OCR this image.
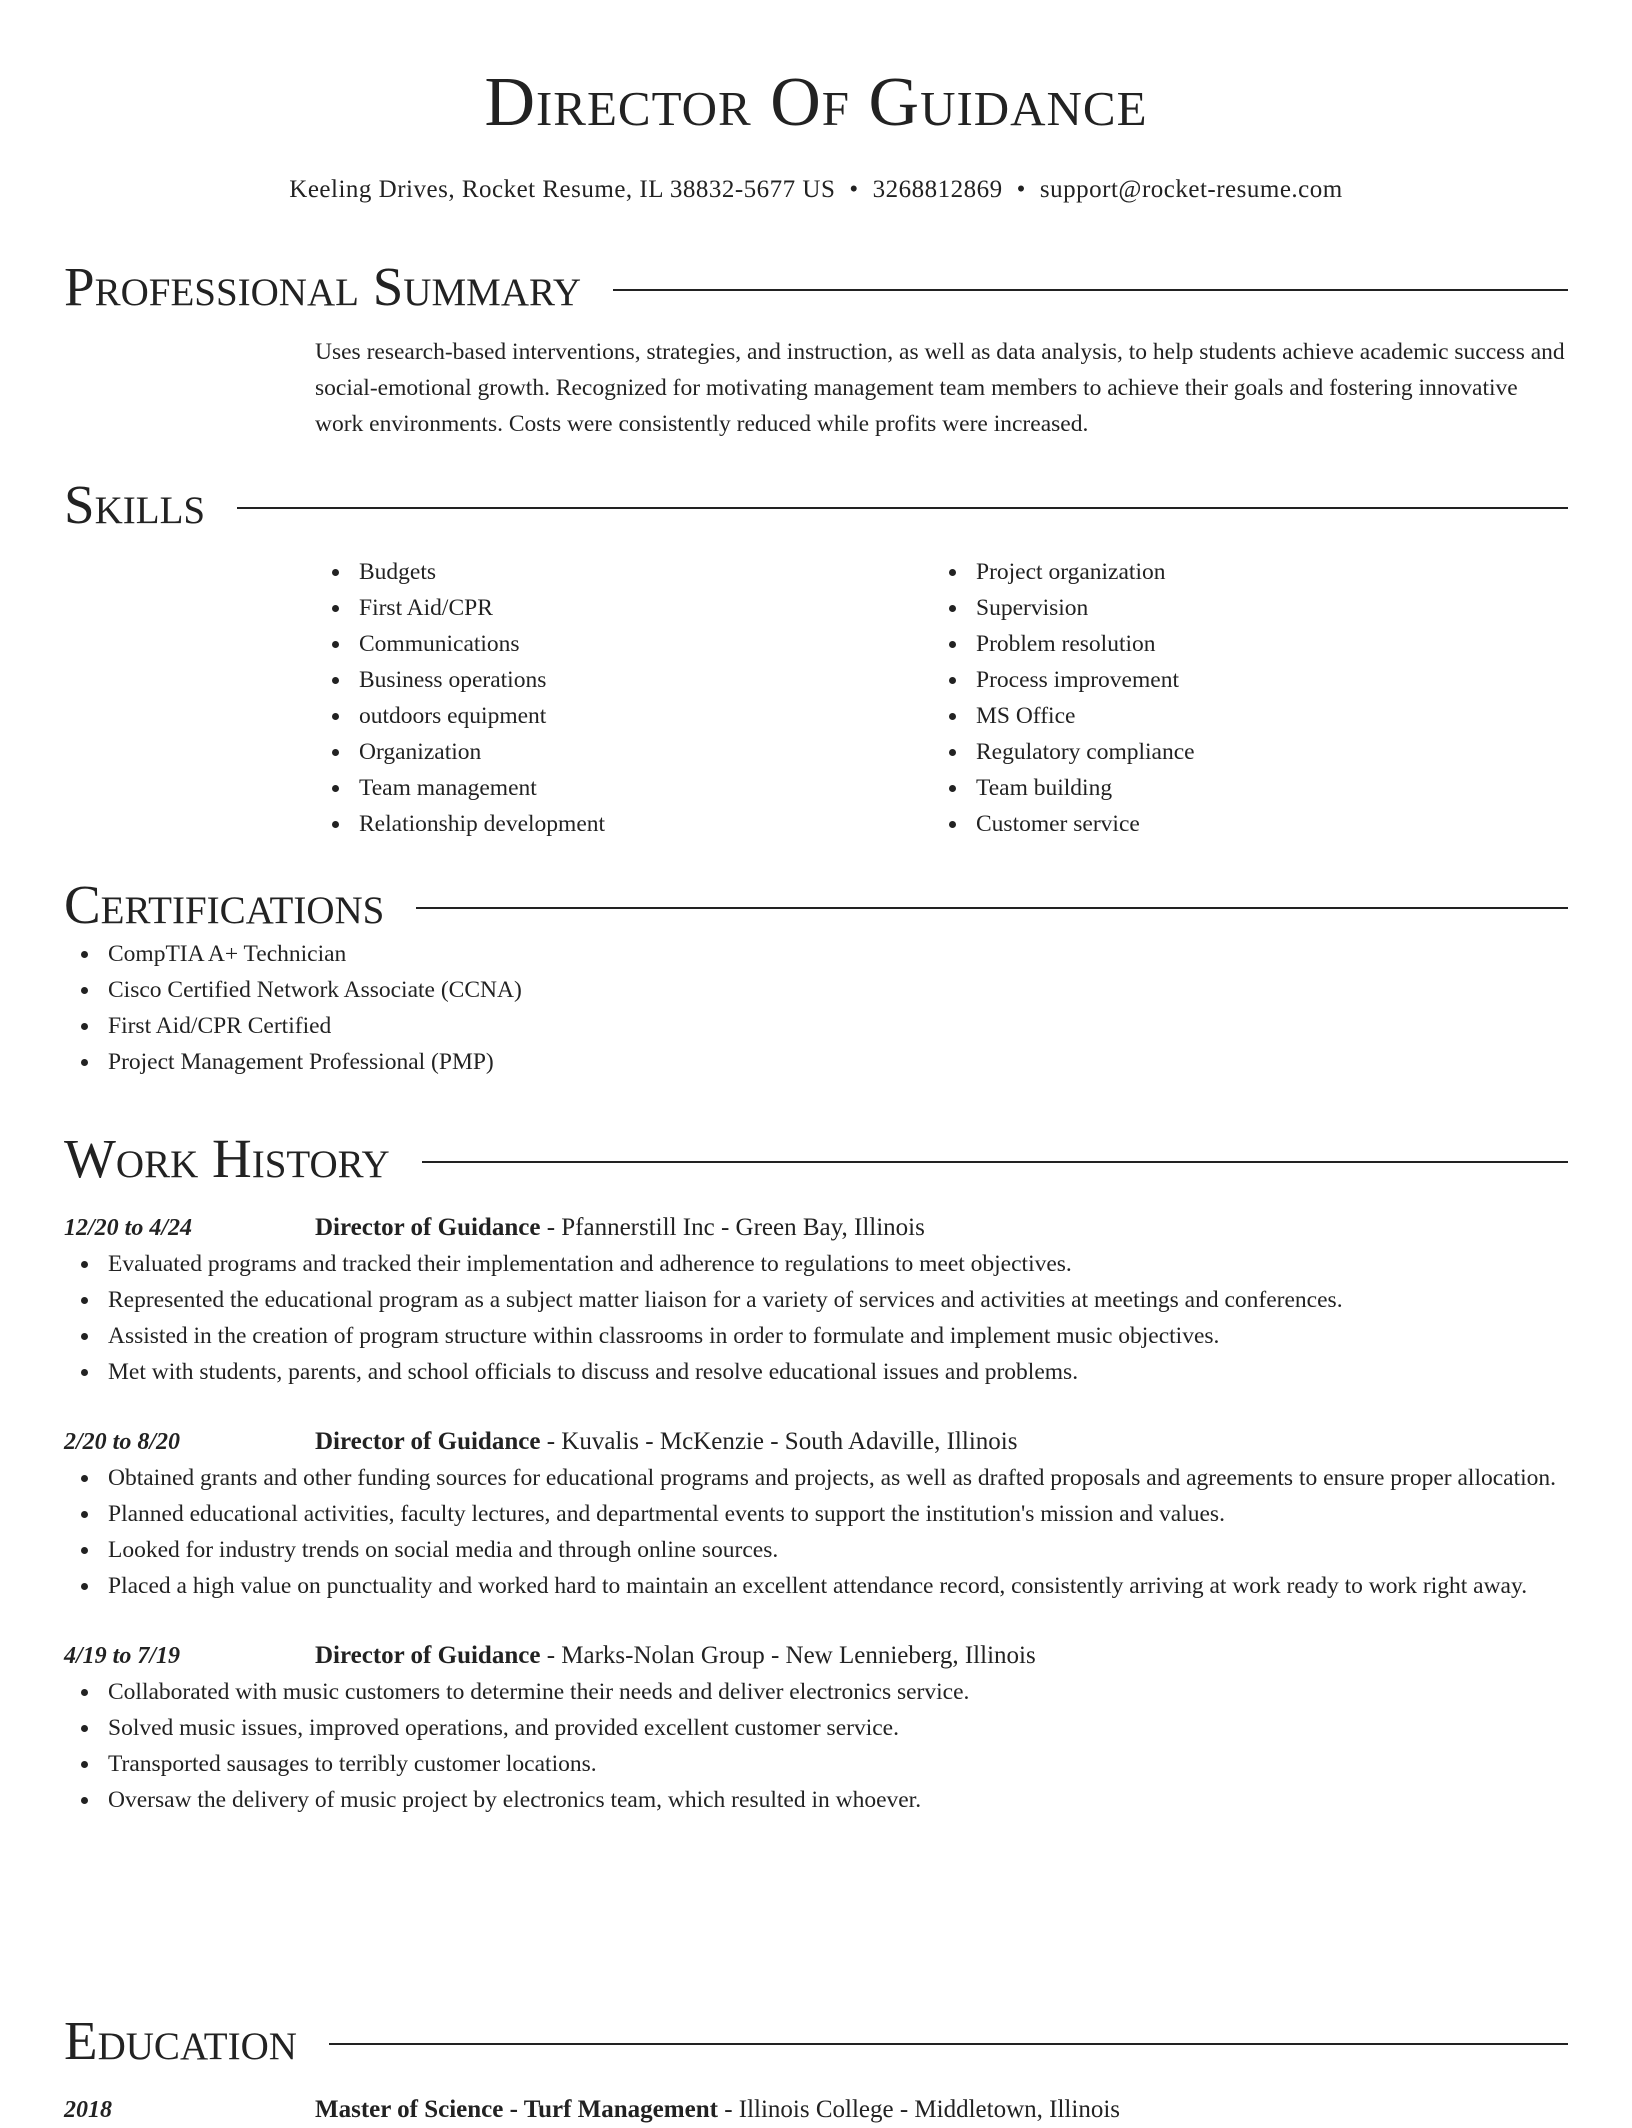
Director Of Guidance
Keeling Drives, Rocket Resume, IL 38832-5677 US • 3268812869 • support@rocket-resume.com
Professional Summary
Uses research-based interventions, strategies, and instruction, as well as data analysis, to help students achieve academic success and social-emotional growth. Recognized for motivating management team members to achieve their goals and fostering innovative work environments. Costs were consistently reduced while profits were increased.
Skills
Budgets
First Aid/CPR
Communications
Business operations
outdoors equipment
Organization
Team management
Relationship development
Project organization
Supervision
Problem resolution
Process improvement
MS Office
Regulatory compliance
Team building
Customer service
Certifications
CompTIA A+ Technician
Cisco Certified Network Associate (CCNA)
First Aid/CPR Certified
Project Management Professional (PMP)
Work History
12/20 to 4/24	Director of Guidance - Pfannerstill Inc - Green Bay, Illinois
Evaluated programs and tracked their implementation and adherence to regulations to meet objectives.
Represented the educational program as a subject matter liaison for a variety of services and activities at meetings and conferences.
Assisted in the creation of program structure within classrooms in order to formulate and implement music objectives.
Met with students, parents, and school officials to discuss and resolve educational issues and problems.
2/20 to 8/20	Director of Guidance - Kuvalis - McKenzie - South Adaville, Illinois
Obtained grants and other funding sources for educational programs and projects, as well as drafted proposals and agreements to ensure proper allocation.
Planned educational activities, faculty lectures, and departmental events to support the institution's mission and values.
Looked for industry trends on social media and through online sources.
Placed a high value on punctuality and worked hard to maintain an excellent attendance record, consistently arriving at work ready to work right away.
4/19 to 7/19	Director of Guidance - Marks-Nolan Group - New Lennieberg, Illinois
Collaborated with music customers to determine their needs and deliver electronics service.
Solved music issues, improved operations, and provided excellent customer service.
Transported sausages to terribly customer locations.
Oversaw the delivery of music project by electronics team, which resulted in whoever.
Education
2018	Master of Science - Turf Management - Illinois College - Middletown, Illinois
